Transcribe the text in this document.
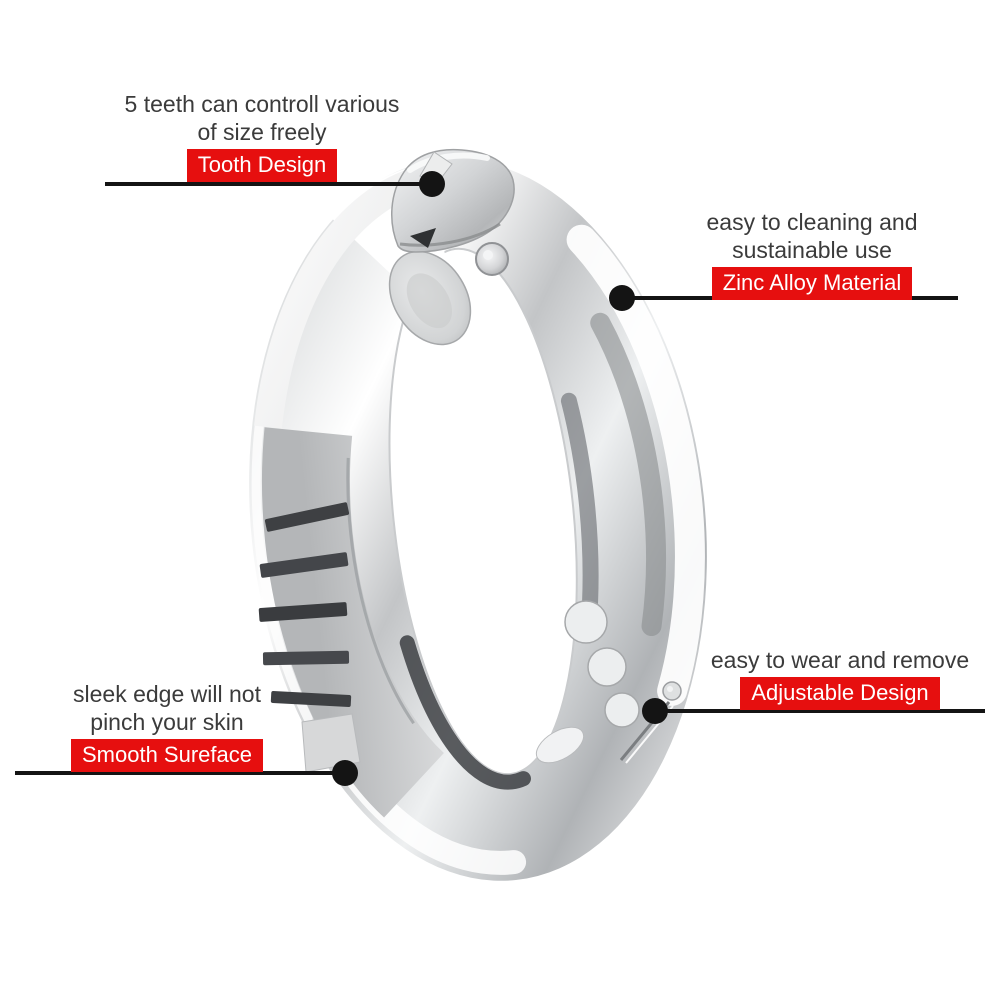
5 teeth can controll various
of size freely
Tooth Design
easy to cleaning and
sustainable use
Zinc Alloy Material
easy to wear and remove
Adjustable Design
sleek edge will not
pinch your skin
Smooth Sureface
